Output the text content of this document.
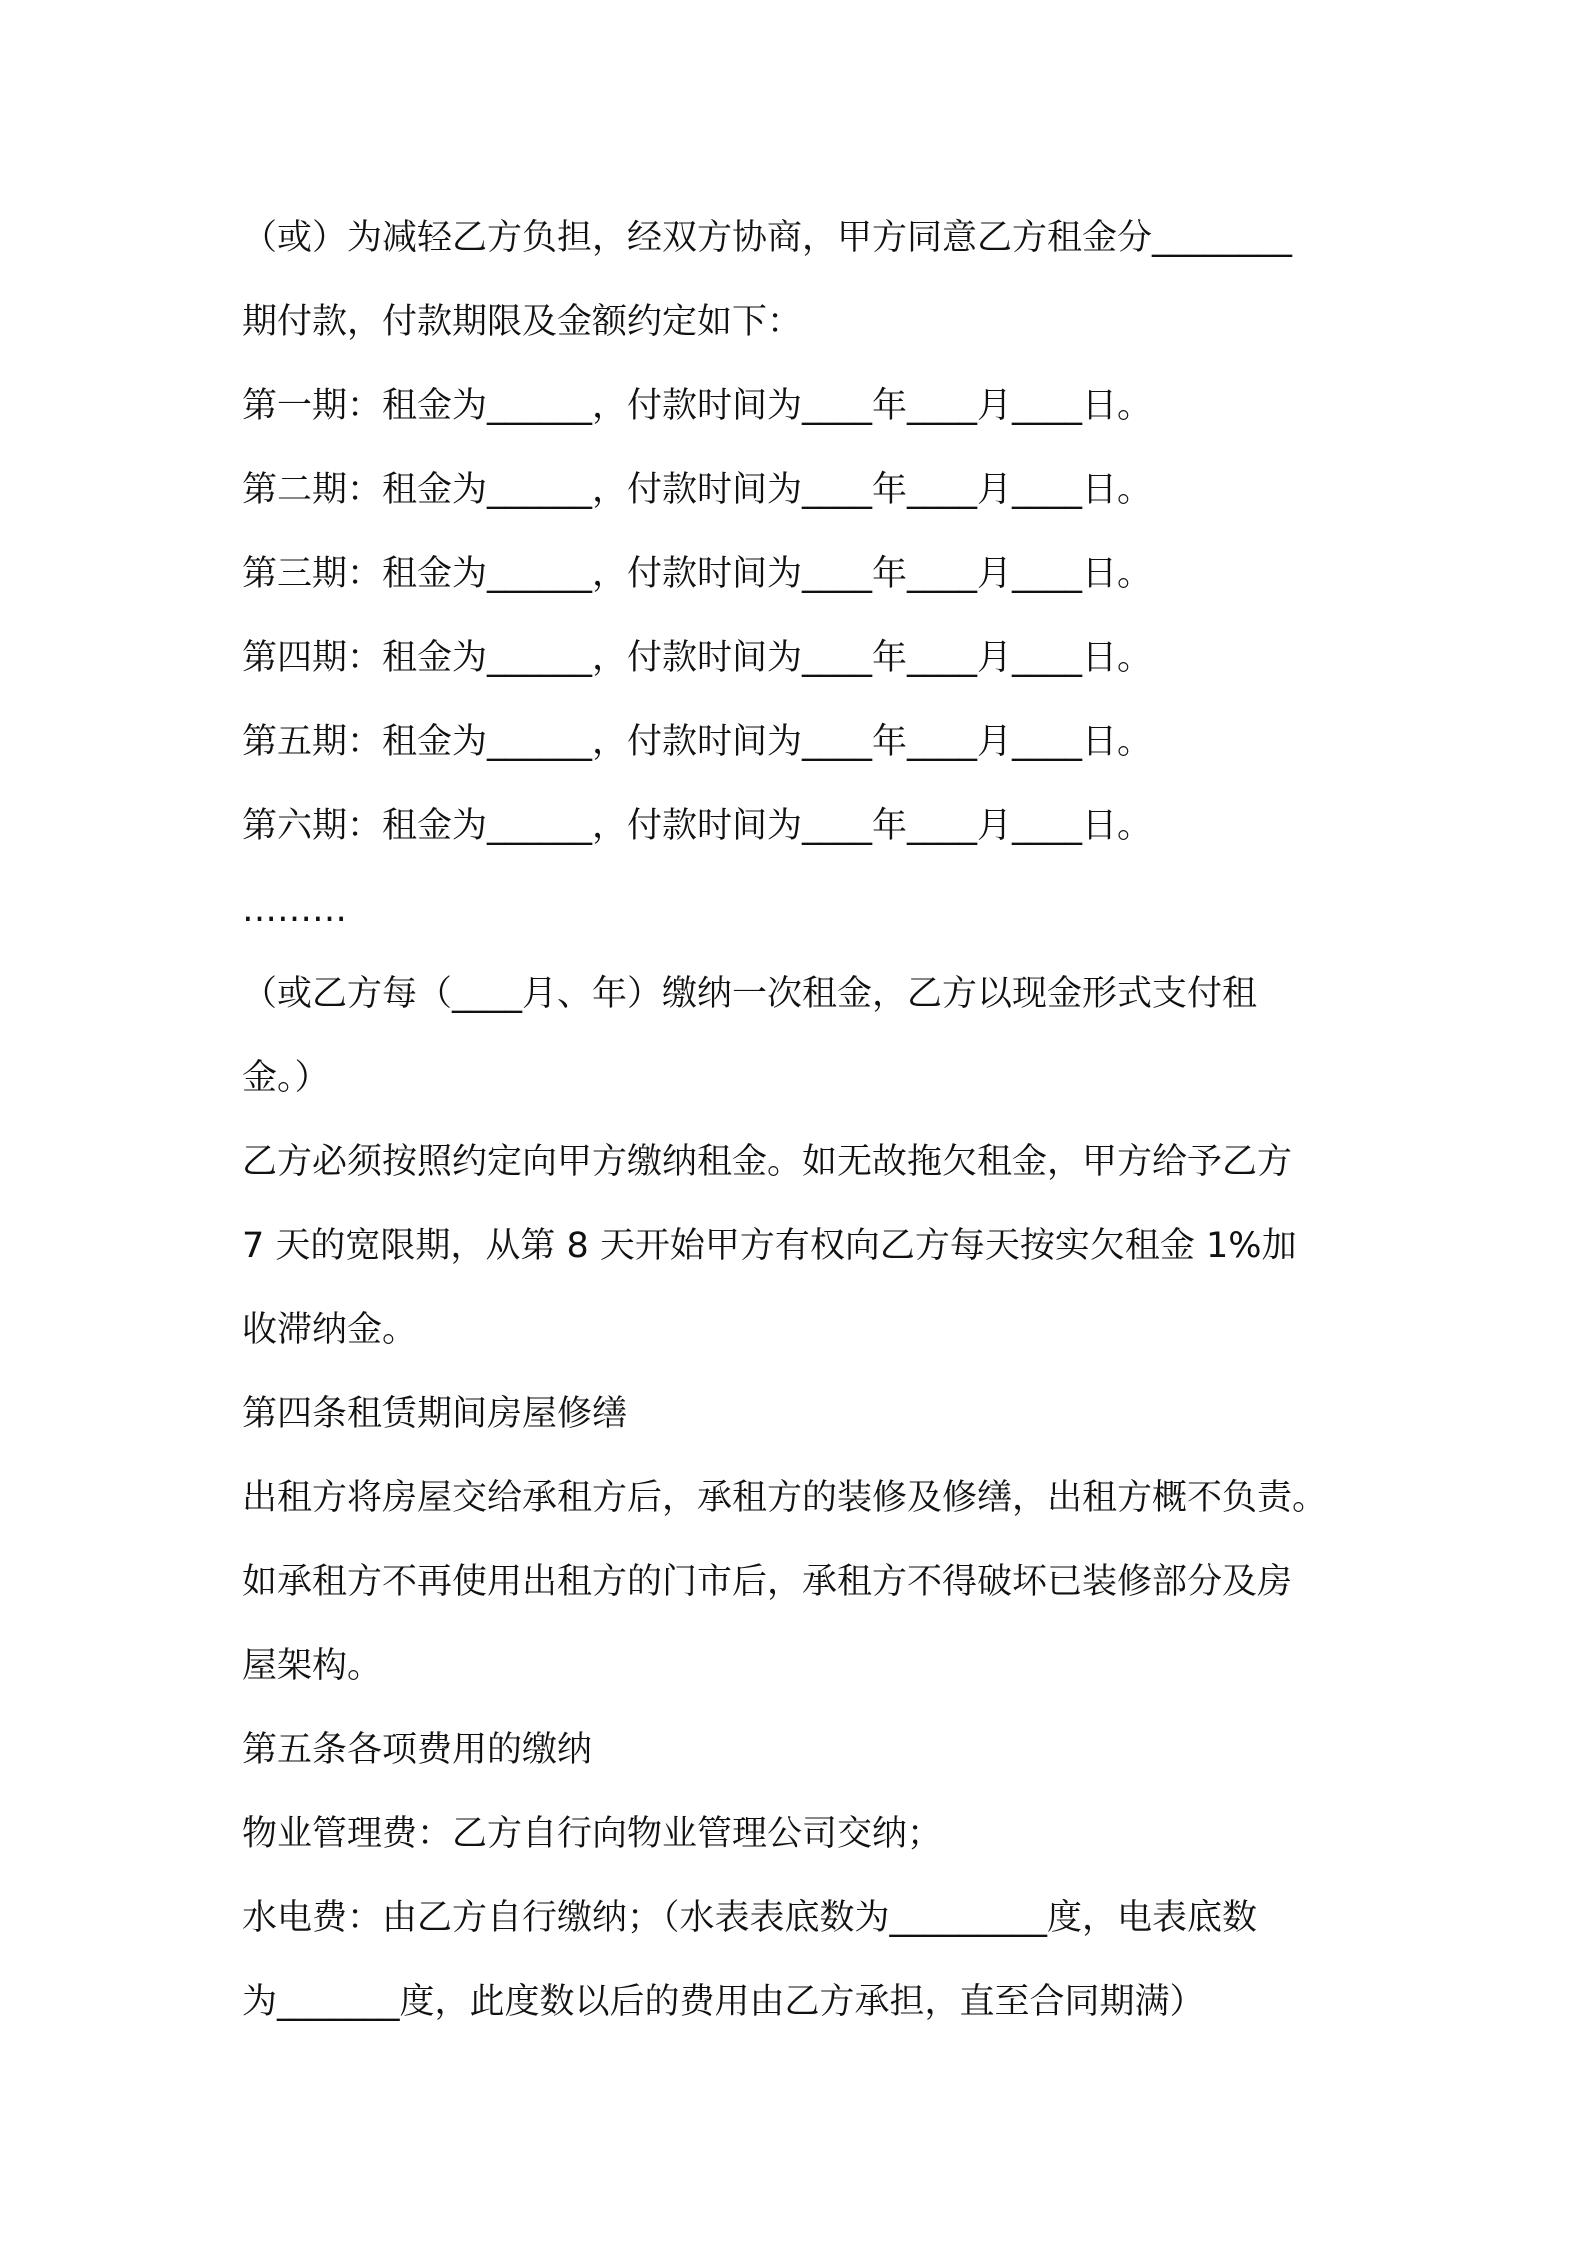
（或）为减轻乙方负担，经双方协商，甲方同意乙方租金分________
期付款，付款期限及金额约定如下：
第一期：租金为______，付款时间为____年____月____日。
第二期：租金为______，付款时间为____年____月____日。
第三期：租金为______，付款时间为____年____月____日。
第四期：租金为______，付款时间为____年____月____日。
第五期：租金为______，付款时间为____年____月____日。
第六期：租金为______，付款时间为____年____月____日。
………
（或乙方每（____月、年）缴纳一次租金，乙方以现金形式支付租
金。）
乙方必须按照约定向甲方缴纳租金。如无故拖欠租金，甲方给予乙方
7 天的宽限期，从第 8 天开始甲方有权向乙方每天按实欠租金 1%加
收滞纳金。
第四条租赁期间房屋修缮
出租方将房屋交给承租方后，承租方的装修及修缮，出租方概不负责。
如承租方不再使用出租方的门市后，承租方不得破坏已装修部分及房
屋架构。
第五条各项费用的缴纳
物业管理费：乙方自行向物业管理公司交纳；
水电费：由乙方自行缴纳；（水表表底数为_________度，电表底数
为_______度，此度数以后的费用由乙方承担，直至合同期满）
